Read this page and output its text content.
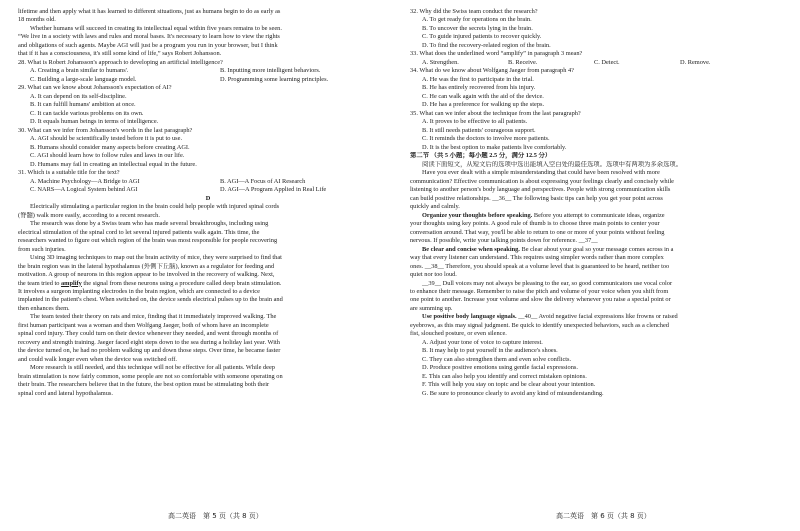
lifetime and then apply what it has learned to different situations, just as humans begin to do as early as
18 months old.
Whether humans will succeed in creating its intellectual equal within five years remains to be seen.
“We live in a society with laws and rules and moral bases. It's necessary to learn how to view the rights
and obligations of such agents. Maybe AGI will just be a program you run in your browser, but I think
that if it has a consciousness, it's still some kind of life,” says Robert Johansson.
28. What is Robert Johansson's approach to developing an artificial intelligence?
A. Creating a brain similar to humans'.	B. Inputting more intelligent behaviors.
C. Building a large-scale language model.	D. Programming some learning principles.
29. What can we know about Johansson's expectation of AI?
A. It can depend on its self-discipline.
B. It can fulfill humans' ambition at once.
C. It can tackle various problems on its own.
D. It equals human beings in terms of intelligence.
30. What can we infer from Johansson's words in the last paragraph?
A. AGI should be scientifically tested before it is put to use.
B. Humans should consider many aspects before creating AGI.
C. AGI should learn how to follow rules and laws in our life.
D. Humans may fail in creating an intellectual equal in the future.
31. Which is a suitable title for the text?
A. Machine Psychology—A Bridge to AGI	B. AGI—A Focus of AI Research
C. NARS—A Logical System behind AGI	D. AGI—A Program Applied in Real Life
D
Electrically stimulating a particular region in the brain could help people with injured spinal cords
(脊髓) walk more easily, according to a recent research.
The research was done by a Swiss team who has made several breakthroughs, including using
electrical stimulation of the spinal cord to let several injured patients walk again. This time, the
researchers wanted to figure out which region of the brain was most responsible for people recovering
from such injuries.
Using 3D imaging techniques to map out the brain activity of mice, they were surprised to find that
the brain region was in the lateral hypothalamus (外侧下丘脑), known as a regulator for feeding and
motivation. A group of neurons in this region appear to be involved in the recovery of walking. Next,
the team tried to amplify the signal from these neurons using a procedure called deep brain stimulation.
It involves a surgeon implanting electrodes in the brain region, which are connected to a device
implanted in the patient's chest. When switched on, the device sends electrical pulses up to the brain and
then enhances them.
The team tested their theory on rats and mice, finding that it immediately improved walking. The
first human participant was a woman and then Wolfgang Jaeger, both of whom have an incomplete
spinal cord injury. They could turn on their device whenever they needed, and went through months of
recovery and strength training. Jaeger faced eight steps down to the sea during a holiday last year. With
the device turned on, he had no problem walking up and down those steps. Over time, he became faster
and could walk longer even when the device was switched off.
More research is still needed, and this technique will not be effective for all patients. While deep
brain stimulation is now fairly common, some people are not so comfortable with someone operating on
their brain. The researchers believe that in the future, the best option must be stimulating both their
spinal cord and lateral hypothalamus.
32. Why did the Swiss team conduct the research?
A. To get ready for operations on the brain.
B. To uncover the secrets lying in the brain.
C. To guide injured patients to recover quickly.
D. To find the recovery-related region of the brain.
33. What does the underlined word “amplify” in paragraph 3 mean?
A. Strengthen.	B. Receive.	C. Detect.	D. Remove.
34. What do we know about Wolfgang Jaeger from paragraph 4?
A. He was the first to participate in the trial.
B. He has entirely recovered from his injury.
C. He can walk again with the aid of the device.
D. He has a preference for walking up the steps.
35. What can we infer about the technique from the last paragraph?
A. It proves to be effective to all patients.
B. It still needs patients' courageous support.
C. It reminds the doctors to involve more patients.
D. It is the best option to make patients live comfortably.
第二节 （共 5 小题；每小题 2.5 分，满分 12.5 分）
阅读下面短文，从短文后的选项中选出能填入空白处的最佳选项。选项中有两项为多余选项。
Have you ever dealt with a simple misunderstanding that could have been resolved with more
communication? Effective communication is about expressing your feelings clearly and concisely while
listening to another person's body language and perspectives. People with strong communication skills
can build positive relationships. __36__ The following basic tips can help you get your point across
quickly and calmly.
Organize your thoughts before speaking. Before you attempt to communicate ideas, organize
your thoughts using key points. A good rule of thumb is to choose three main points to center your
conversation around. That way, you'll be able to return to one or more of your points without feeling
nervous. If possible, write your talking points down for reference. __37__
Be clear and concise when speaking. Be clear about your goal so your message comes across in a
way that every listener can understand. This requires using simpler words rather than more complex
ones. __38__ Therefore, you should speak at a volume level that is guaranteed to be heard, neither too
quiet nor too loud.
__39__ Dull voices may not always be pleasing to the ear, so good communicators use vocal color
to enhance their message. Remember to raise the pitch and volume of your voice when you shift from
one point to another. Increase your volume and slow the delivery whenever you raise a special point or
are summing up.
Use positive body language signals. __40__ Avoid negative facial expressions like frowns or raised
eyebrows, as this may signal judgment. Be quick to identify unexpected behaviors, such as a clenched
fist, slouched posture, or even silence.
A. Adjust your tone of voice to capture interest.
B. It may help to put yourself in the audience's shoes.
C. They can also strengthen them and even solve conflicts.
D. Produce positive emotions using gentle facial expressions.
E. This can also help you identify and correct mistaken opinions.
F. This will help you stay on topic and be clear about your intention.
G. Be sure to pronounce clearly to avoid any kind of misunderstanding.
高二英语　第 5 页（共 8 页）	高二英语　第 6 页（共 8 页）
